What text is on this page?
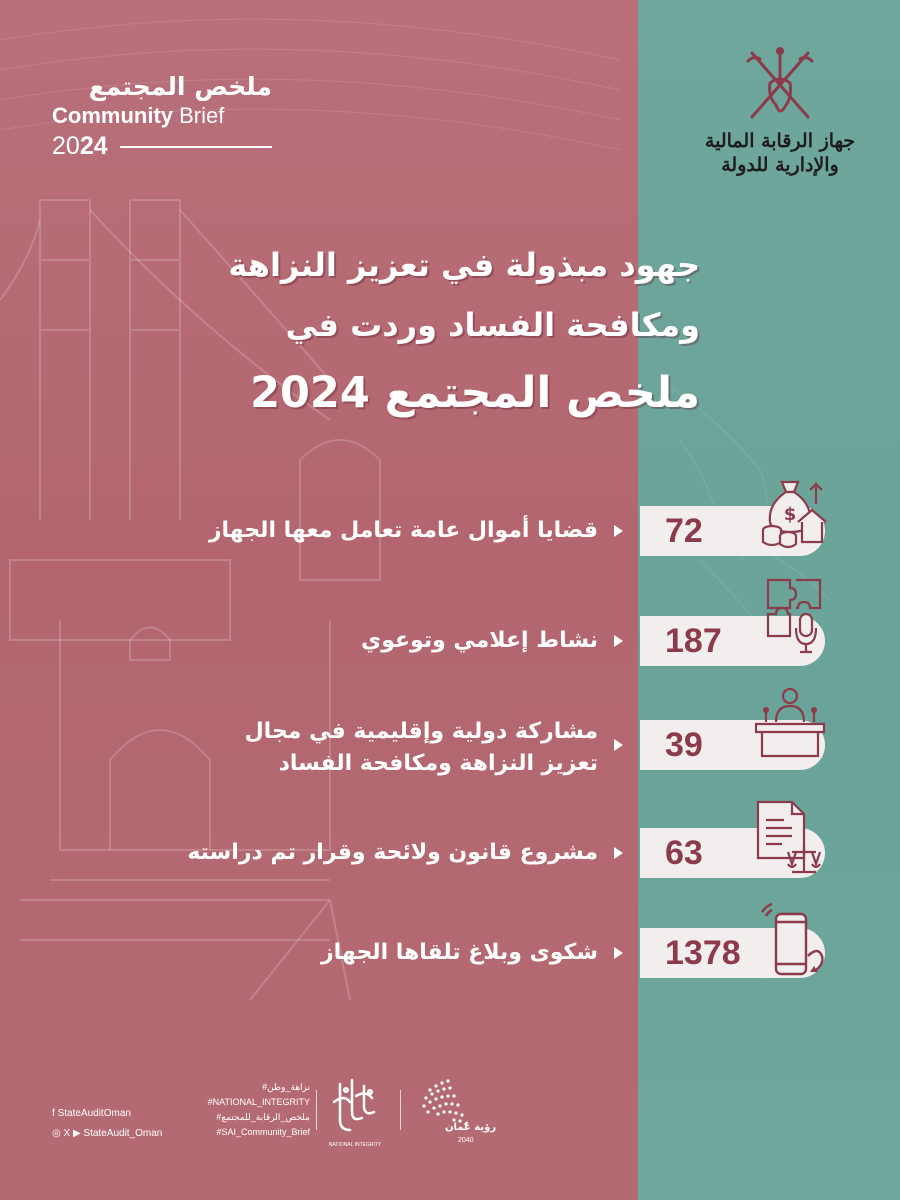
ملخص المجتمع
Community Brief
2024	جهاز الرقابة المالية
والإدارية للدولة
جهود مبذولة في تعزيز النزاهة
ومكافحة الفساد وردت في
ملخص المجتمع 2024
72
قضايا أموال عامة تعامل معها الجهاز
$
187
نشاط إعلامي وتوعوي
39
مشاركة دولية وإقليمية في مجال
تعزيز النزاهة ومكافحة الفساد
63
مشروع قانون ولائحة وقرار تم دراسته
1378
شكوى وبلاغ تلقاها الجهاز
f StateAuditOman
◎ X ▶ StateAudit_Oman
#نزاهة_وطن
#NATIONAL_INTEGRITY
#ملخص_الرقابة_للمجتمع
#SAI_Community_Brief
NATIONAL INTEGRITY
رؤية عُمان
2040
